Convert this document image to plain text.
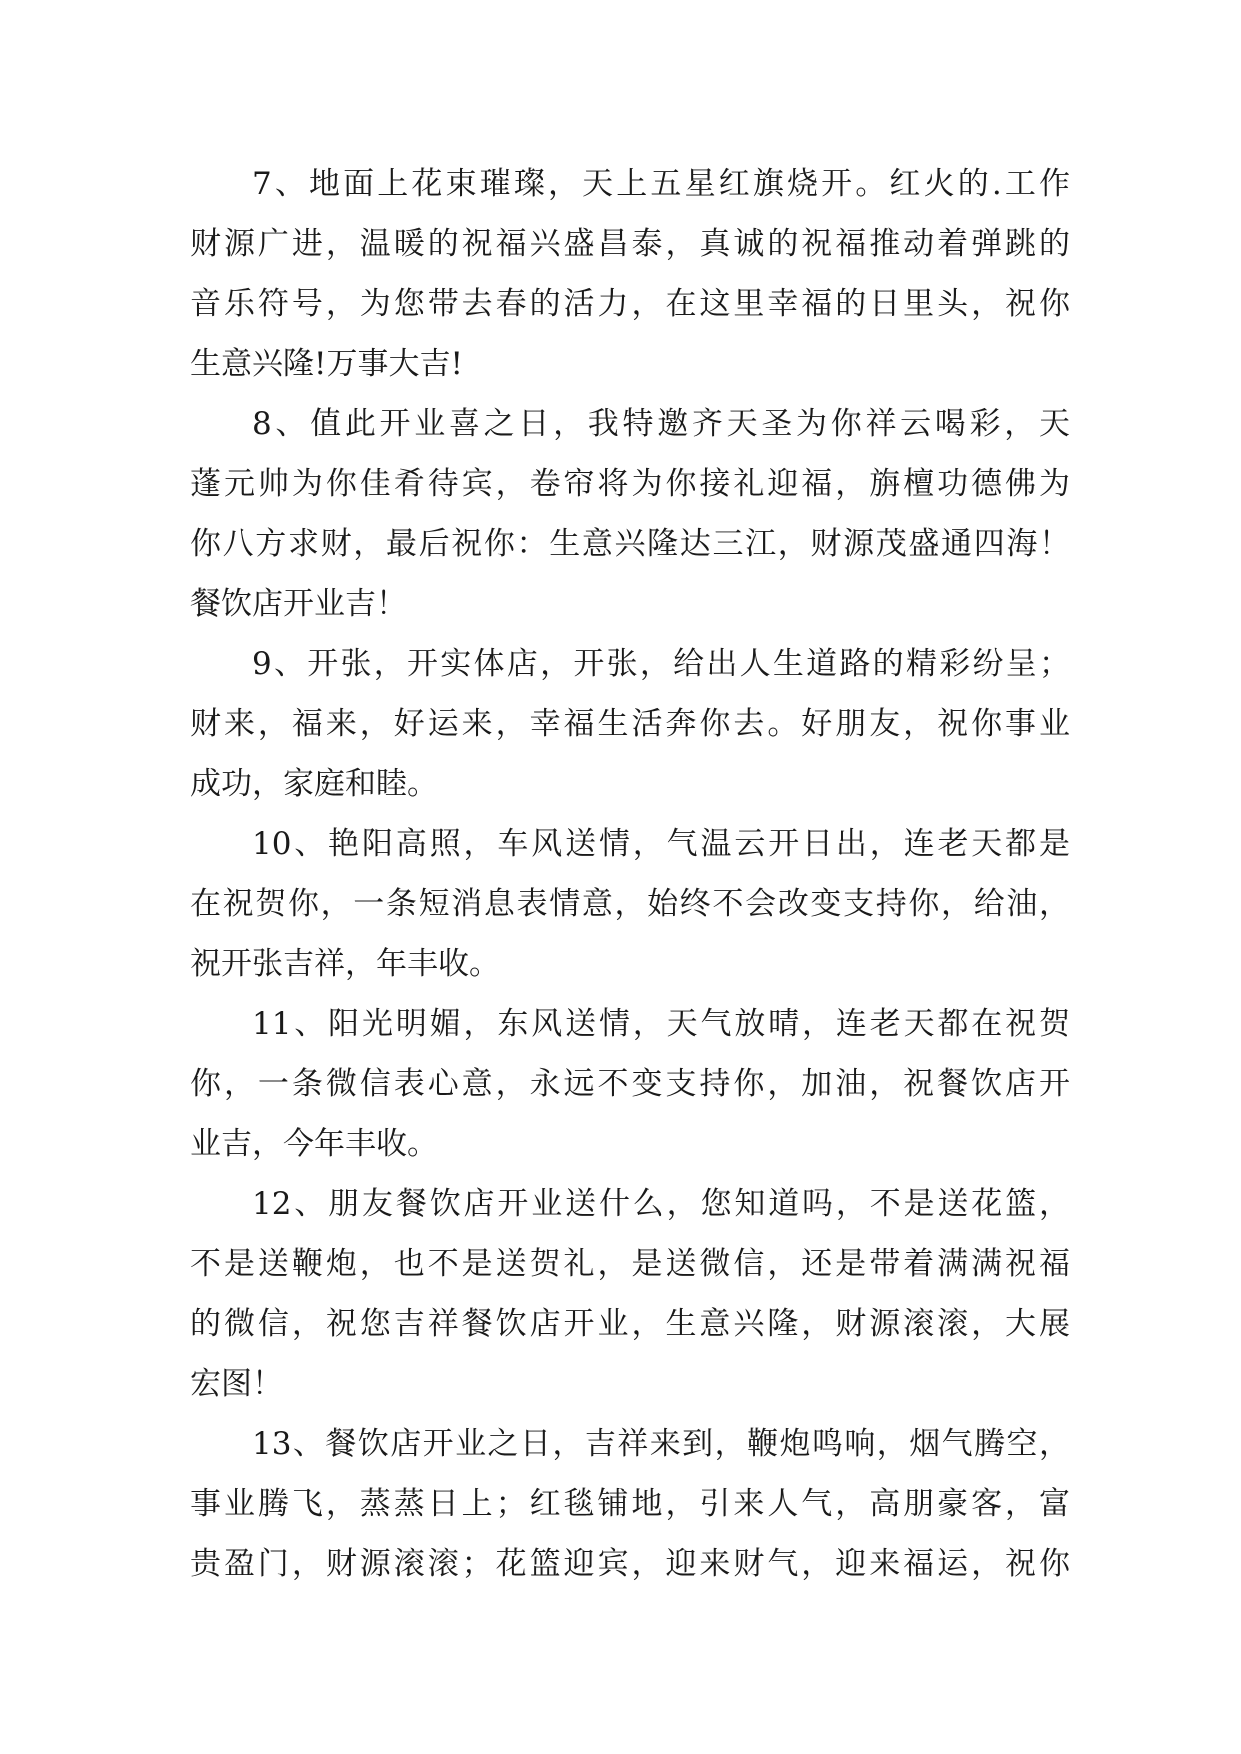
7、地面上花束璀璨，天上五星红旗烧开。红火的.工作
财源广进，温暖的祝福兴盛昌泰，真诚的祝福推动着弹跳的
音乐符号，为您带去春的活力，在这里幸福的日里头，祝你
生意兴隆!万事大吉!
8、值此开业喜之日，我特邀齐天圣为你祥云喝彩，天
蓬元帅为你佳肴待宾，卷帘将为你接礼迎福，旃檀功德佛为
你八方求财，最后祝你：生意兴隆达三江，财源茂盛通四海！
餐饮店开业吉！
9、开张，开实体店，开张，给出人生道路的精彩纷呈；
财来，福来，好运来，幸福生活奔你去。好朋友，祝你事业
成功，家庭和睦。
10、艳阳高照，车风送情，气温云开日出，连老天都是
在祝贺你，一条短消息表情意，始终不会改变支持你，给油，
祝开张吉祥，年丰收。
11、阳光明媚，东风送情，天气放晴，连老天都在祝贺
你，一条微信表心意，永远不变支持你，加油，祝餐饮店开
业吉，今年丰收。
12、朋友餐饮店开业送什么，您知道吗，不是送花篮，
不是送鞭炮，也不是送贺礼，是送微信，还是带着满满祝福
的微信，祝您吉祥餐饮店开业，生意兴隆，财源滚滚，大展
宏图！
13、餐饮店开业之日，吉祥来到，鞭炮鸣响，烟气腾空，
事业腾飞，蒸蒸日上；红毯铺地，引来人气，高朋豪客，富
贵盈门，财源滚滚；花篮迎宾，迎来财气，迎来福运，祝你
